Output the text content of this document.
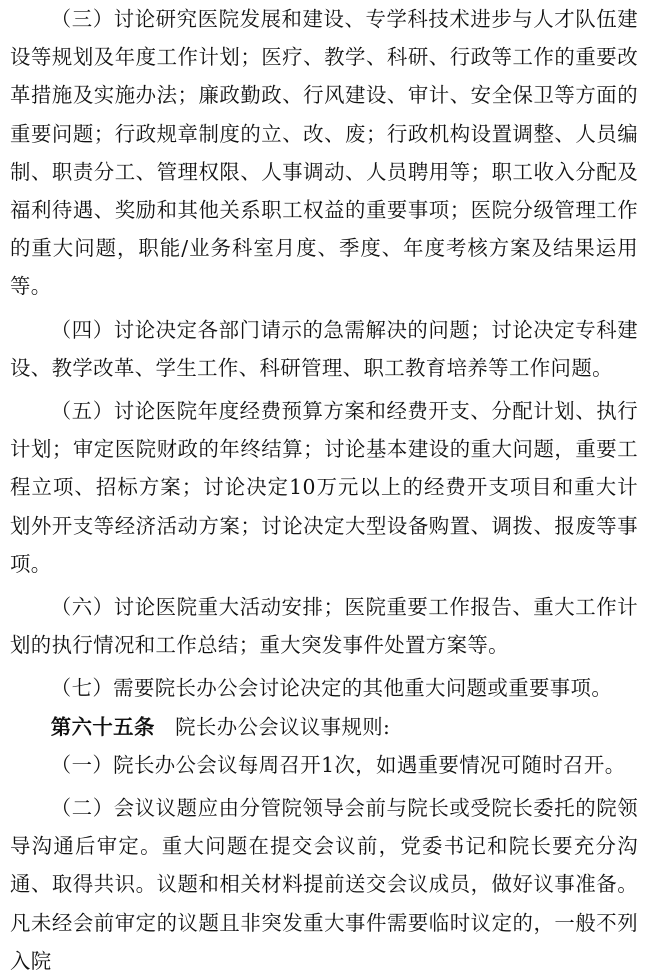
（三）讨论研究医院发展和建设、专学科技术进步与人才队伍建设等规划及年度工作计划；医疗、教学、科研、行政等工作的重要改革措施及实施办法；廉政勤政、行风建设、审计、安全保卫等方面的重要问题；行政规章制度的立、改、废；行政机构设置调整、人员编制、职责分工、管理权限、人事调动、人员聘用等；职工收入分配及福利待遇、奖励和其他关系职工权益的重要事项；医院分级管理工作的重大问题，职能/业务科室月度、季度、年度考核方案及结果运用等。

（四）讨论决定各部门请示的急需解决的问题；讨论决定专科建设、教学改革、学生工作、科研管理、职工教育培养等工作问题。

（五）讨论医院年度经费预算方案和经费开支、分配计划、执行计划；审定医院财政的年终结算；讨论基本建设的重大问题，重要工程立项、招标方案；讨论决定10万元以上的经费开支项目和重大计划外开支等经济活动方案；讨论决定大型设备购置、调拨、报废等事项。

（六）讨论医院重大活动安排；医院重要工作报告、重大工作计划的执行情况和工作总结；重大突发事件处置方案等。

（七）需要院长办公会讨论决定的其他重大问题或重要事项。

第六十五条 院长办公会议议事规则:

（一）院长办公会议每周召开1次，如遇重要情况可随时召开。

（二）会议议题应由分管院领导会前与院长或受院长委托的院领导沟通后审定。重大问题在提交会议前，党委书记和院长要充分沟通、取得共识。议题和相关材料提前送交会议成员，做好议事准备。凡未经会前审定的议题且非突发重大事件需要临时议定的，一般不列入院
